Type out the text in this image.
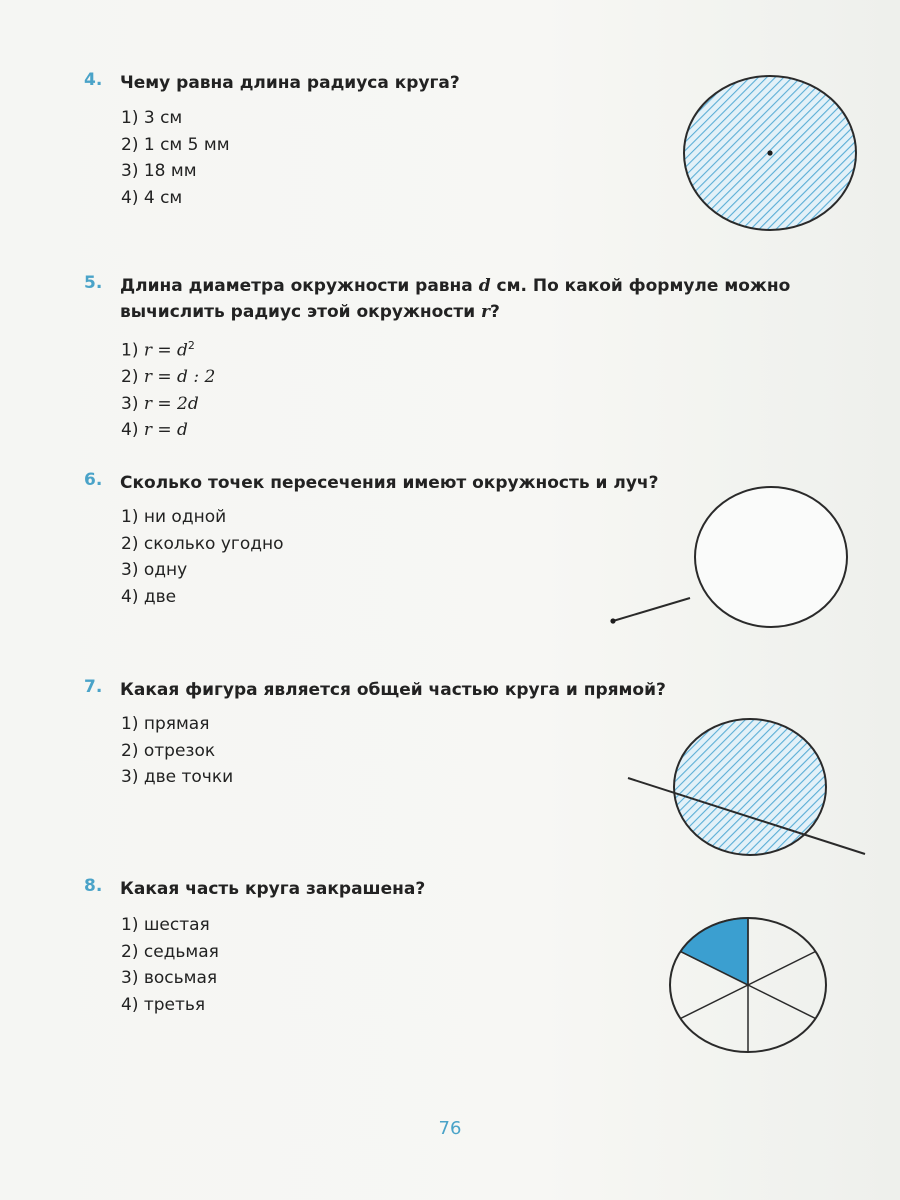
4. Чему равна длина радиуса круга?
1) 3 см
2) 1 см 5 мм
3) 18 мм
4) 4 см
5. Длина диаметра окружности равна d см. По какой формуле можно
вычислить радиус этой окружности r?
1) $r = d^2$
2) r = d : 2
3) r = 2d
4) r = d
6. Сколько точек пересечения имеют окружность и луч?
1) ни одной
2) сколько угодно
3) одну
4) две
7. Какая фигура является общей частью круга и прямой?
1) прямая
2) отрезок
3) две точки
8. Какая часть круга закрашена?
1) шестая
2) седьмая
3) восьмая
4) третья
76
